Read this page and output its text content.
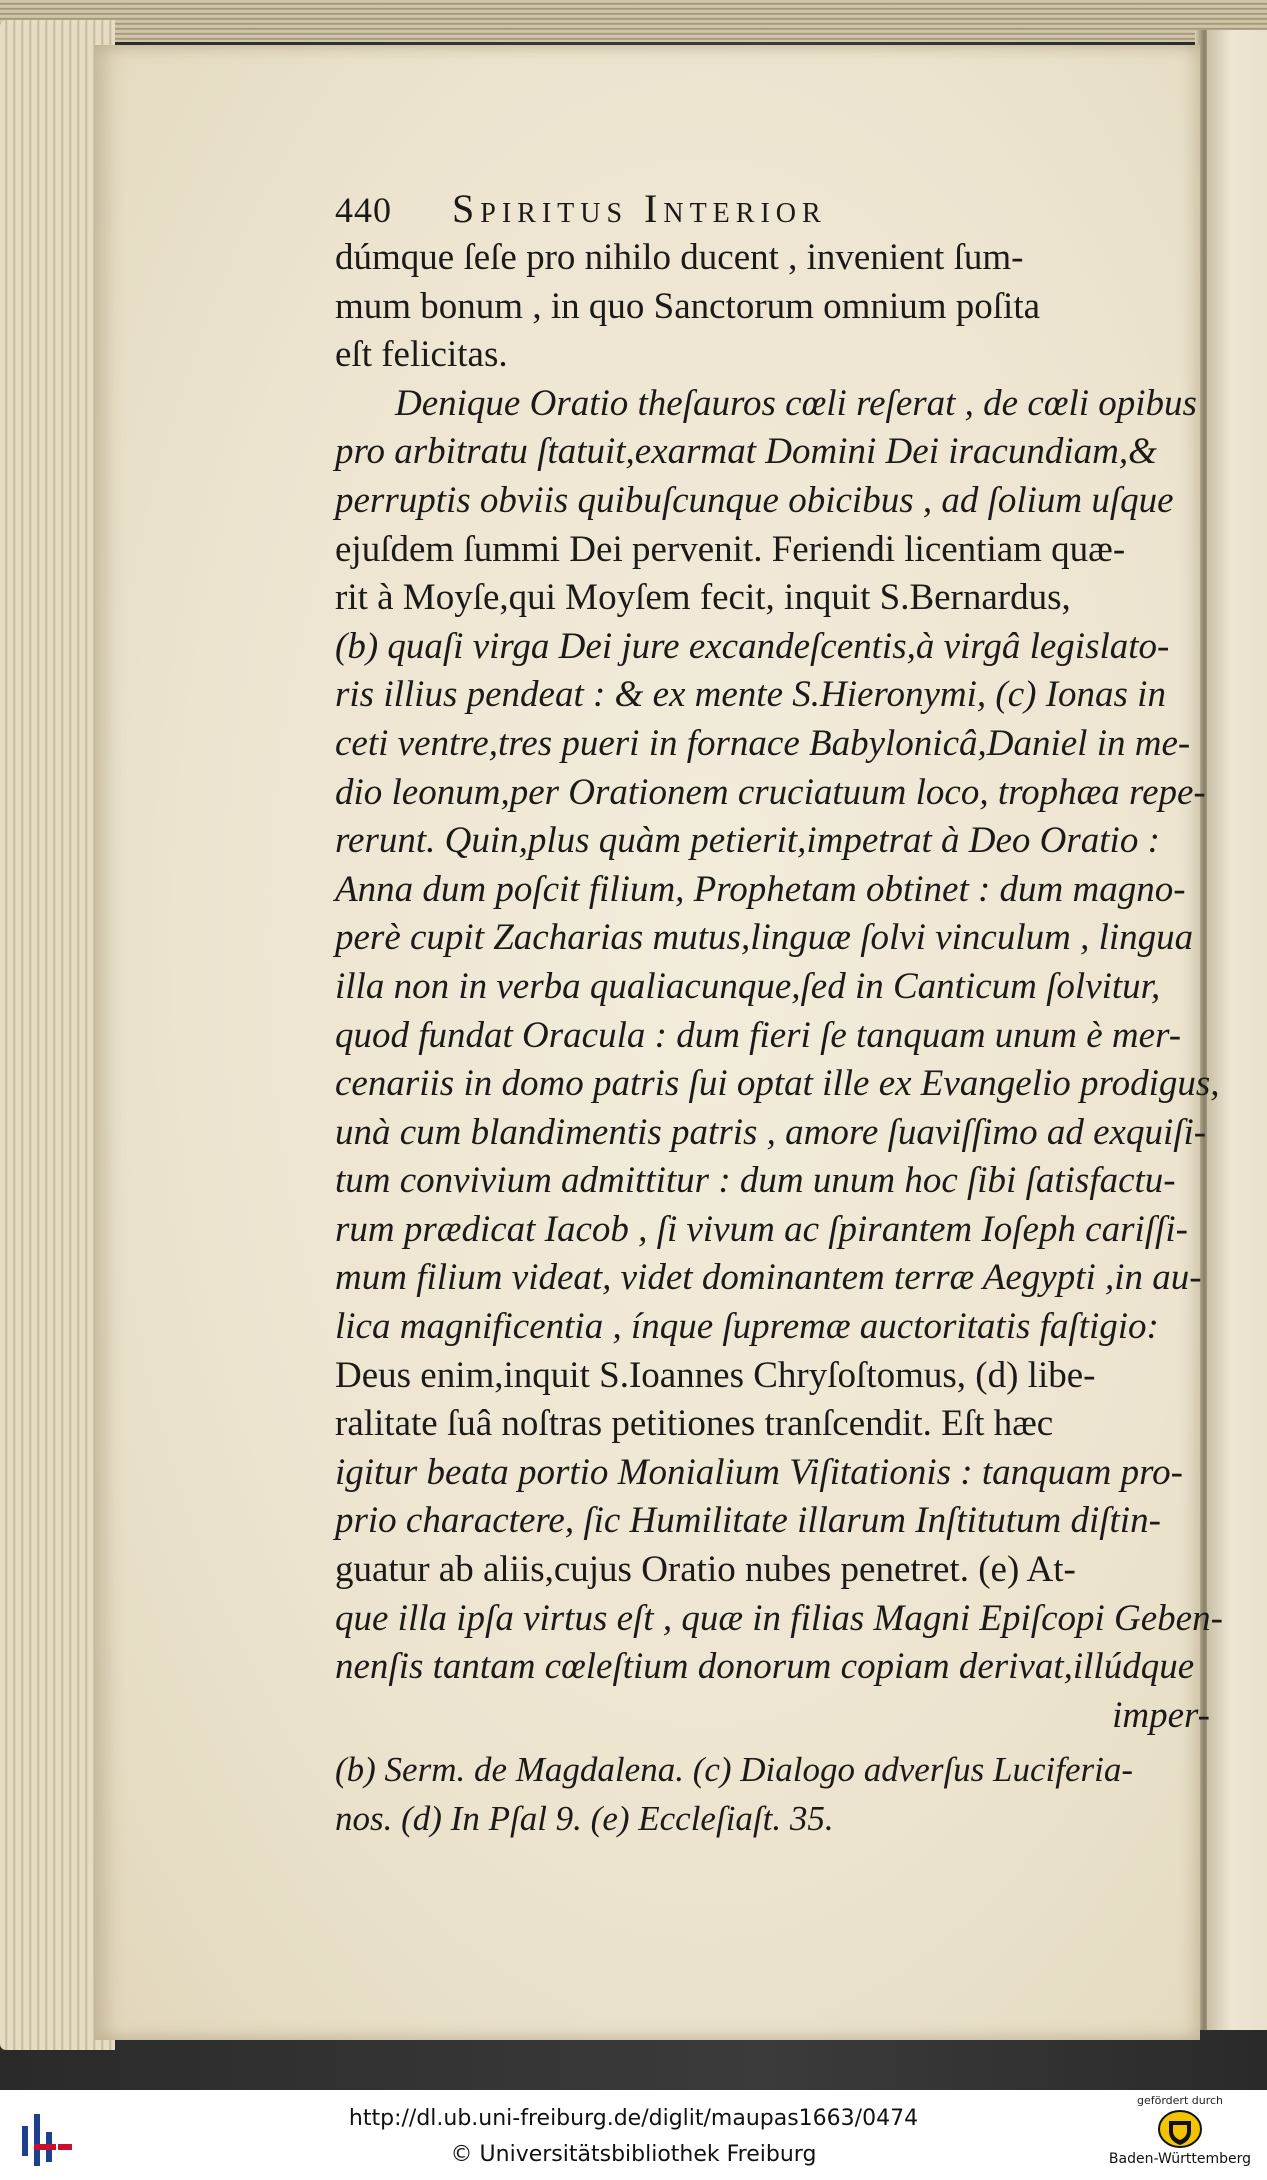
440 Spiritus Interior
dúmque ſeſe pro nihilo ducent , invenient ſum-
mum bonum , in quo Sanctorum omnium poſita
eſt felicitas.
Denique Oratio theſauros cœli reſerat , de cœli opibus
pro arbitratu ſtatuit,exarmat Domini Dei iracundiam,&
perruptis obviis quibuſcunque obicibus , ad ſolium uſque
ejuſdem ſummi Dei pervenit. Feriendi licentiam quæ-
rit à Moyſe,qui Moyſem fecit, inquit S.Bernardus,
(b) quaſi virga Dei jure excandeſcentis,à virgâ legislato-
ris illius pendeat : & ex mente S.Hieronymi, (c) Ionas in
ceti ventre,tres pueri in fornace Babylonicâ,Daniel in me-
dio leonum,per Orationem cruciatuum loco, trophæa repe-
rerunt. Quin,plus quàm petierit,impetrat à Deo Oratio :
Anna dum poſcit filium, Prophetam obtinet : dum magno-
perè cupit Zacharias mutus,linguæ ſolvi vinculum , lingua
illa non in verba qualiacunque,ſed in Canticum ſolvitur,
quod fundat Oracula : dum fieri ſe tanquam unum è mer-
cenariis in domo patris ſui optat ille ex Evangelio prodigus,
unà cum blandimentis patris , amore ſuaviſſimo ad exquiſi-
tum convivium admittitur : dum unum hoc ſibi ſatisfactu-
rum prædicat Iacob , ſi vivum ac ſpirantem Ioſeph cariſſi-
mum filium videat, videt dominantem terræ Aegypti ,in au-
lica magnificentia , ínque ſupremæ auctoritatis faſtigio:
Deus enim,inquit S.Ioannes Chryſoſtomus, (d) libe-
ralitate ſuâ noſtras petitiones tranſcendit. Eſt hæc
igitur beata portio Monialium Viſitationis : tanquam pro-
prio charactere, ſic Humilitate illarum Inſtitutum diſtin-
guatur ab aliis,cujus Oratio nubes penetret. (e) At-
que illa ipſa virtus eſt , quæ in filias Magni Epiſcopi Geben-
nenſis tantam cœleſtium donorum copiam derivat,illúdque
imper-
(b) Serm. de Magdalena. (c) Dialogo adverſus Luciferia-
nos. (d) In Pſal 9. (e) Eccleſiaſt. 35.
http://dl.ub.uni-freiburg.de/diglit/maupas1663/0474
© Universitätsbibliothek Freiburg
gefördert durch
Baden-Württemberg
